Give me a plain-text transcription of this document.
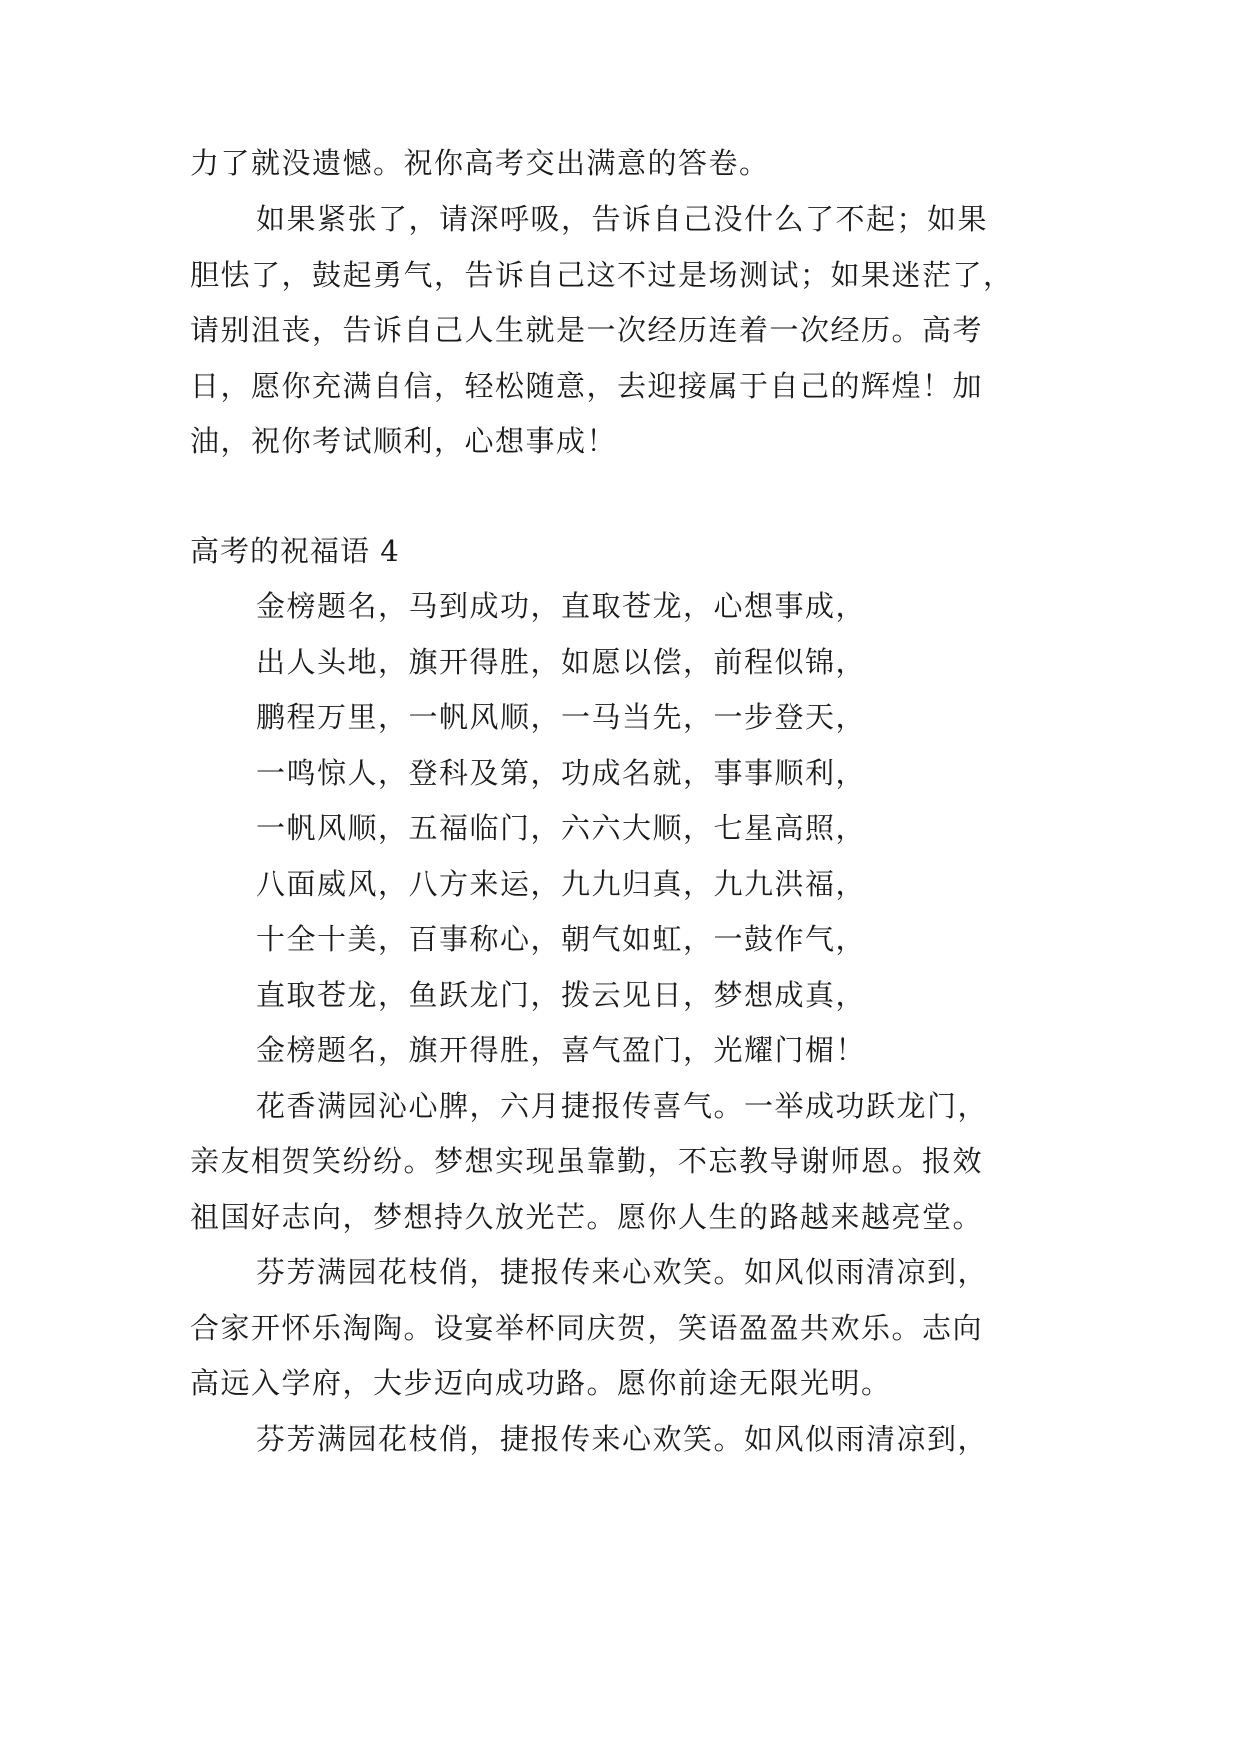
力了就没遗憾。祝你高考交出满意的答卷。
如果紧张了，请深呼吸，告诉自己没什么了不起；如果
胆怯了，鼓起勇气，告诉自己这不过是场测试；如果迷茫了，
请别沮丧，告诉自己人生就是一次经历连着一次经历。高考
日，愿你充满自信，轻松随意，去迎接属于自己的辉煌！加
油，祝你考试顺利，心想事成！
高考的祝福语 4
金榜题名，马到成功，直取苍龙，心想事成，
出人头地，旗开得胜，如愿以偿，前程似锦，
鹏程万里，一帆风顺，一马当先，一步登天，
一鸣惊人，登科及第，功成名就，事事顺利，
一帆风顺，五福临门，六六大顺，七星高照，
八面威风，八方来运，九九归真，九九洪福，
十全十美，百事称心，朝气如虹，一鼓作气，
直取苍龙，鱼跃龙门，拨云见日，梦想成真，
金榜题名，旗开得胜，喜气盈门，光耀门楣！
花香满园沁心脾，六月捷报传喜气。一举成功跃龙门，
亲友相贺笑纷纷。梦想实现虽靠勤，不忘教导谢师恩。报效
祖国好志向，梦想持久放光芒。愿你人生的路越来越亮堂。
芬芳满园花枝俏，捷报传来心欢笑。如风似雨清凉到，
合家开怀乐淘陶。设宴举杯同庆贺，笑语盈盈共欢乐。志向
高远入学府，大步迈向成功路。愿你前途无限光明。
芬芳满园花枝俏，捷报传来心欢笑。如风似雨清凉到，
